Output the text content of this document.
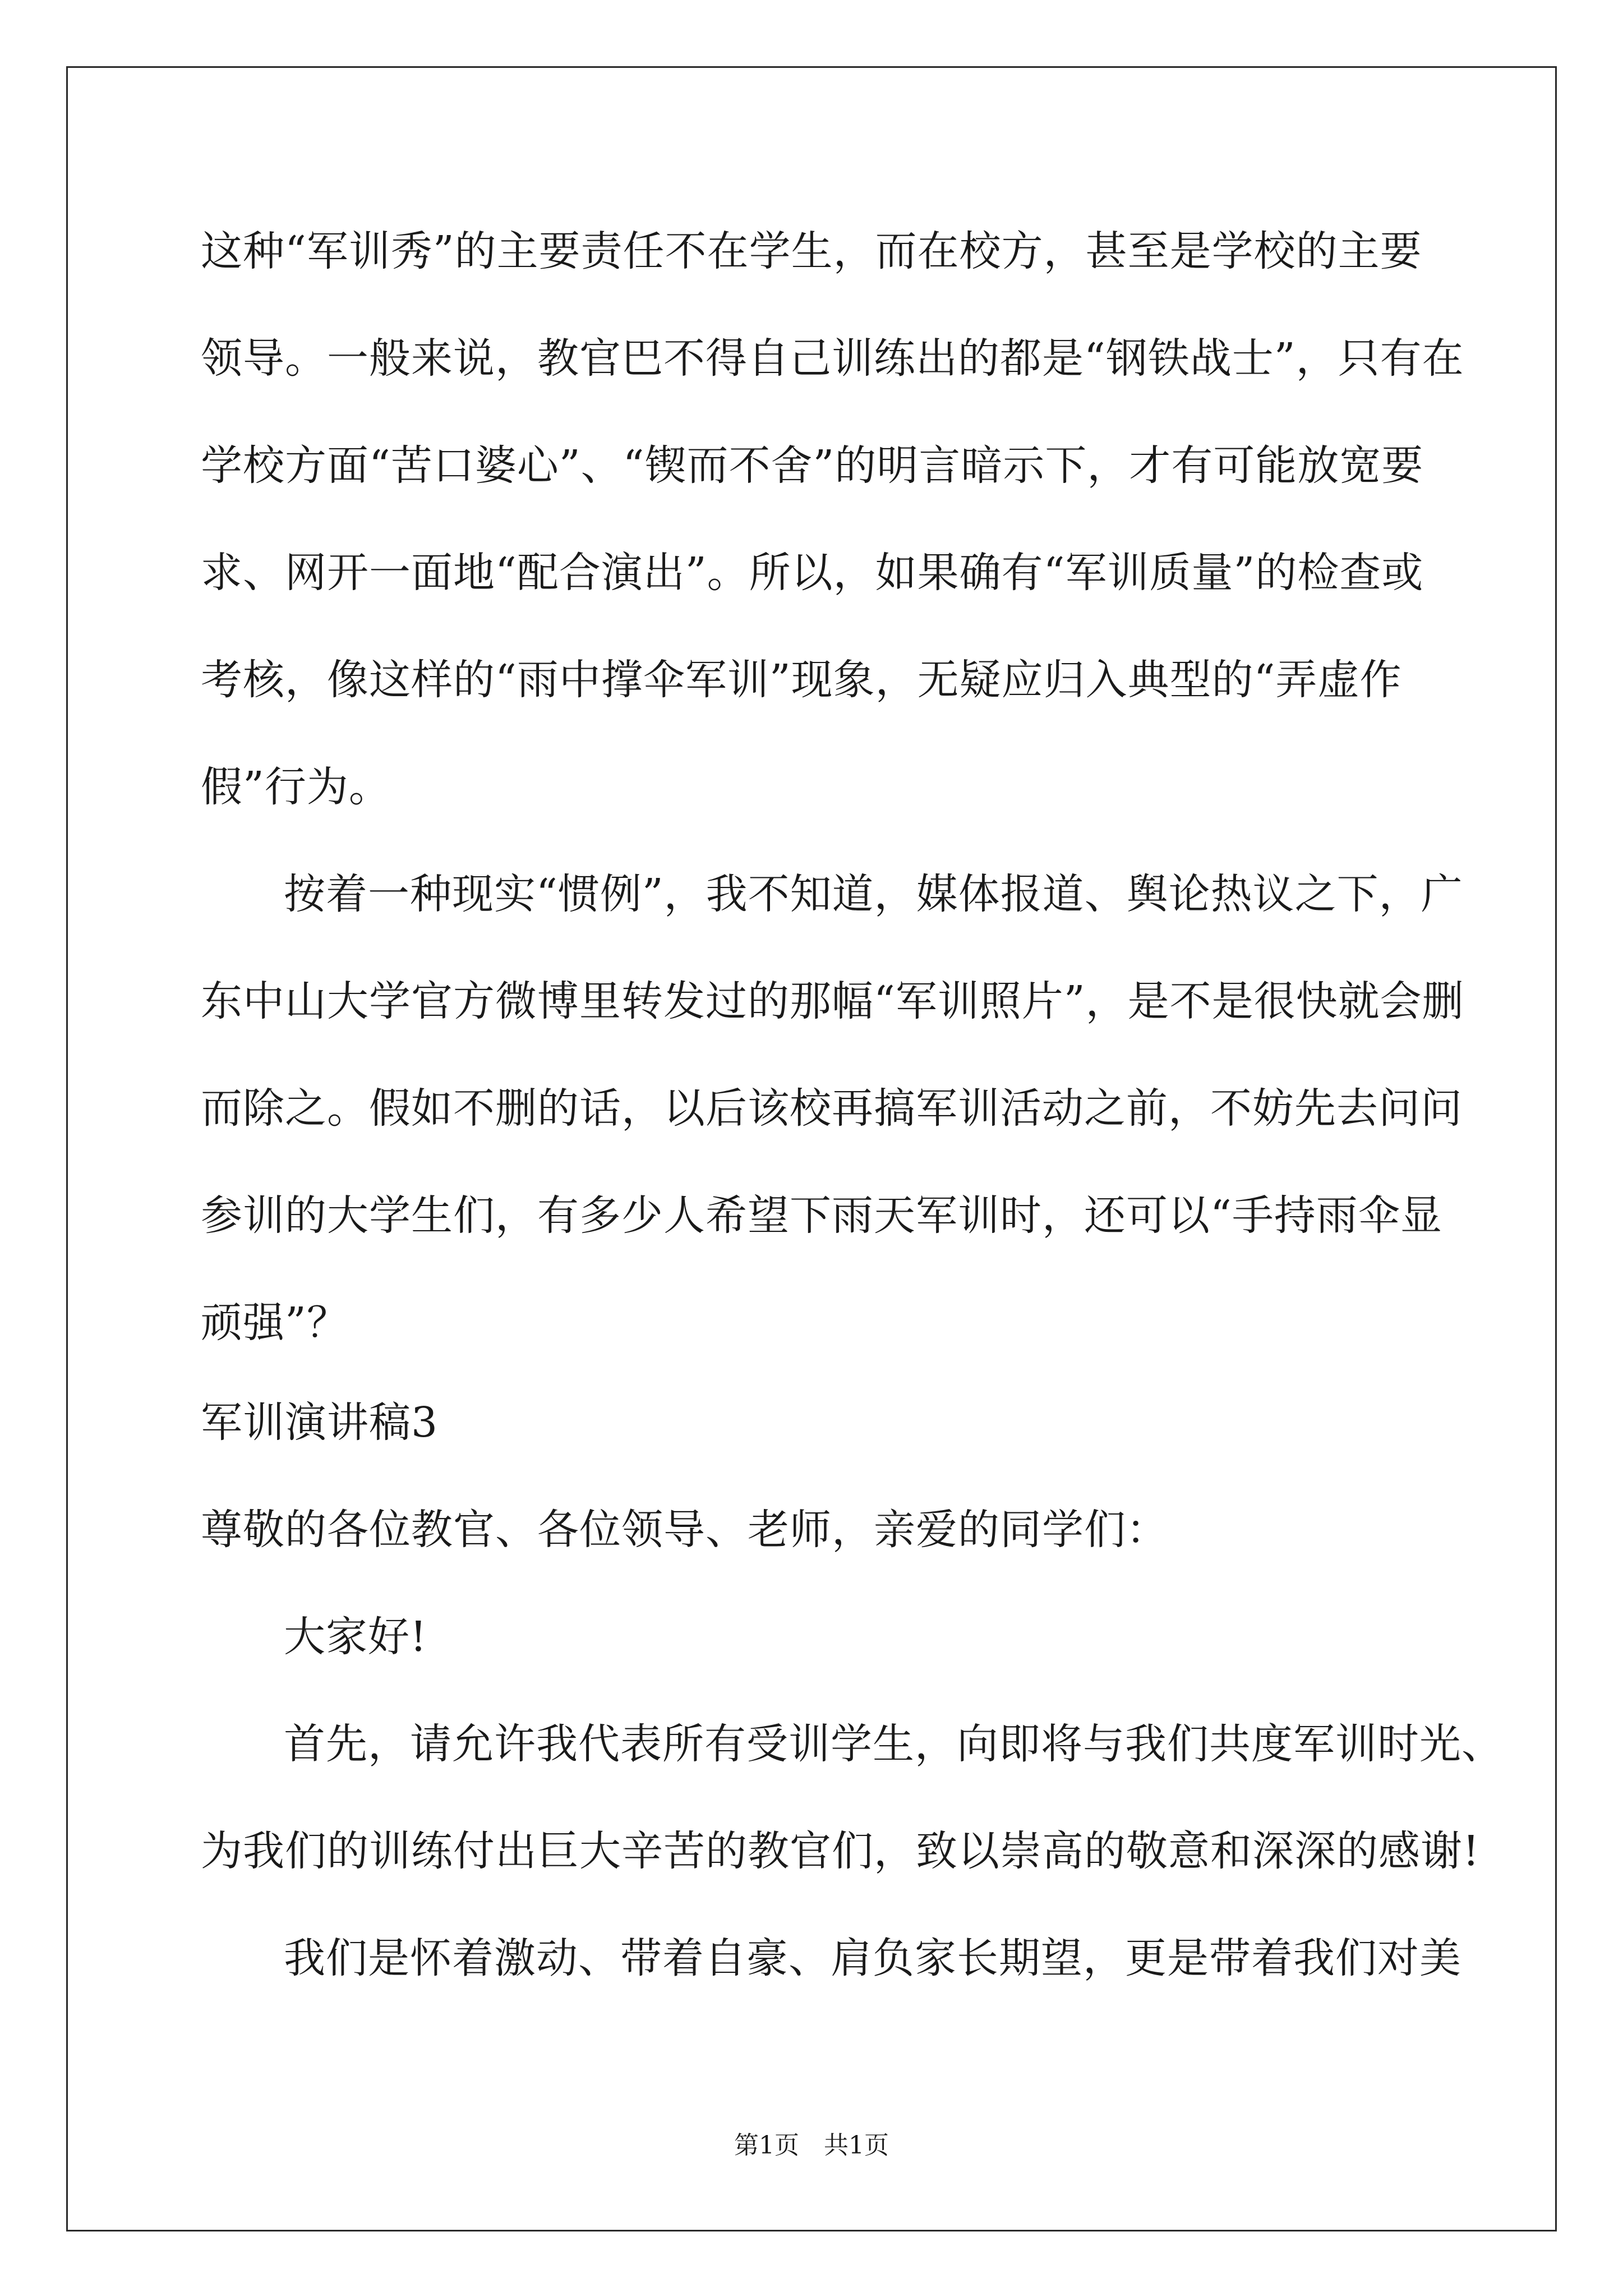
这种“军训秀”的主要责任不在学生，而在校方，甚至是学校的主要
领导。一般来说，教官巴不得自己训练出的都是“钢铁战士”，只有在
学校方面“苦口婆心”、“锲而不舍”的明言暗示下，才有可能放宽要
求、网开一面地“配合演出”。所以，如果确有“军训质量”的检查或
考核，像这样的“雨中撑伞军训”现象，无疑应归入典型的“弄虚作
假”行为。
按着一种现实“惯例”，我不知道，媒体报道、舆论热议之下，广
东中山大学官方微博里转发过的那幅“军训照片”，是不是很快就会删
而除之。假如不删的话，以后该校再搞军训活动之前，不妨先去问问
参训的大学生们，有多少人希望下雨天军训时，还可以“手持雨伞显
顽强”？
军训演讲稿3
尊敬的各位教官、各位领导、老师，亲爱的同学们：
大家好!
首先，请允许我代表所有受训学生，向即将与我们共度军训时光、
为我们的训练付出巨大辛苦的教官们，致以崇高的敬意和深深的感谢!
我们是怀着激动、带着自豪、肩负家长期望，更是带着我们对美
第1页　共1页
